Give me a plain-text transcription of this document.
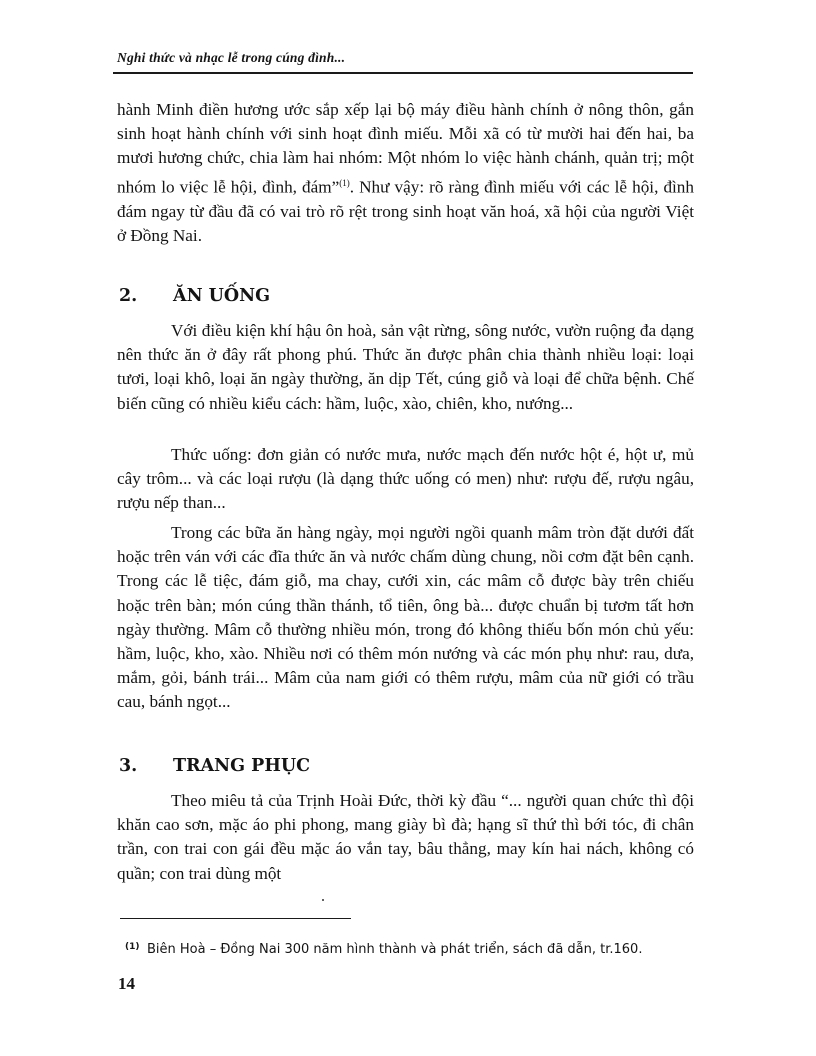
Nghi thức và nhạc lễ trong cúng đình...

hành Minh điền hương ước sắp xếp lại bộ máy điều hành chính ở nông thôn, gắn sinh hoạt hành chính với sinh hoạt đình miếu. Mỗi xã có từ mười hai đến hai, ba mươi hương chức, chia làm hai nhóm: Một nhóm lo việc hành chánh, quản trị; một nhóm lo việc lễ hội, đình, đám”$^{(1)}$. Như vậy: rõ ràng đình miếu với các lễ hội, đình đám ngay từ đầu đã có vai trò rõ rệt trong sinh hoạt văn hoá, xã hội của người Việt ở Đồng Nai.

2. ĂN UỐNG

Với điều kiện khí hậu ôn hoà, sản vật rừng, sông nước, vườn ruộng đa dạng nên thức ăn ở đây rất phong phú. Thức ăn được phân chia thành nhiều loại: loại tươi, loại khô, loại ăn ngày thường, ăn dịp Tết, cúng giỗ và loại để chữa bệnh. Chế biến cũng có nhiều kiểu cách: hầm, luộc, xào, chiên, kho, nướng...

Thức uống: đơn giản có nước mưa, nước mạch đến nước hột é, hột ư, mủ cây trôm... và các loại rượu (là dạng thức uống có men) như: rượu đế, rượu ngâu, rượu nếp than...

Trong các bữa ăn hàng ngày, mọi người ngồi quanh mâm tròn đặt dưới đất hoặc trên ván với các đĩa thức ăn và nước chấm dùng chung, nồi cơm đặt bên cạnh. Trong các lễ tiệc, đám giỗ, ma chay, cưới xin, các mâm cỗ được bày trên chiếu hoặc trên bàn; món cúng thần thánh, tổ tiên, ông bà... được chuẩn bị tươm tất hơn ngày thường. Mâm cỗ thường nhiều món, trong đó không thiếu bốn món chủ yếu: hầm, luộc, kho, xào. Nhiều nơi có thêm món nướng và các món phụ như: rau, dưa, mắm, gỏi, bánh trái... Mâm của nam giới có thêm rượu, mâm của nữ giới có trầu cau, bánh ngọt...

3. TRANG PHỤC

Theo miêu tả của Trịnh Hoài Đức, thời kỳ đầu “... người quan chức thì đội khăn cao sơn, mặc áo phi phong, mang giày bì đà; hạng sĩ thứ thì bới tóc, đi chân trần, con trai con gái đều mặc áo vắn tay, bâu thẳng, may kín hai nách, không có quần; con trai dùng một

(1) Biên Hoà – Đồng Nai 300 năm hình thành và phát triển, sách đã dẫn, tr.160.
14
